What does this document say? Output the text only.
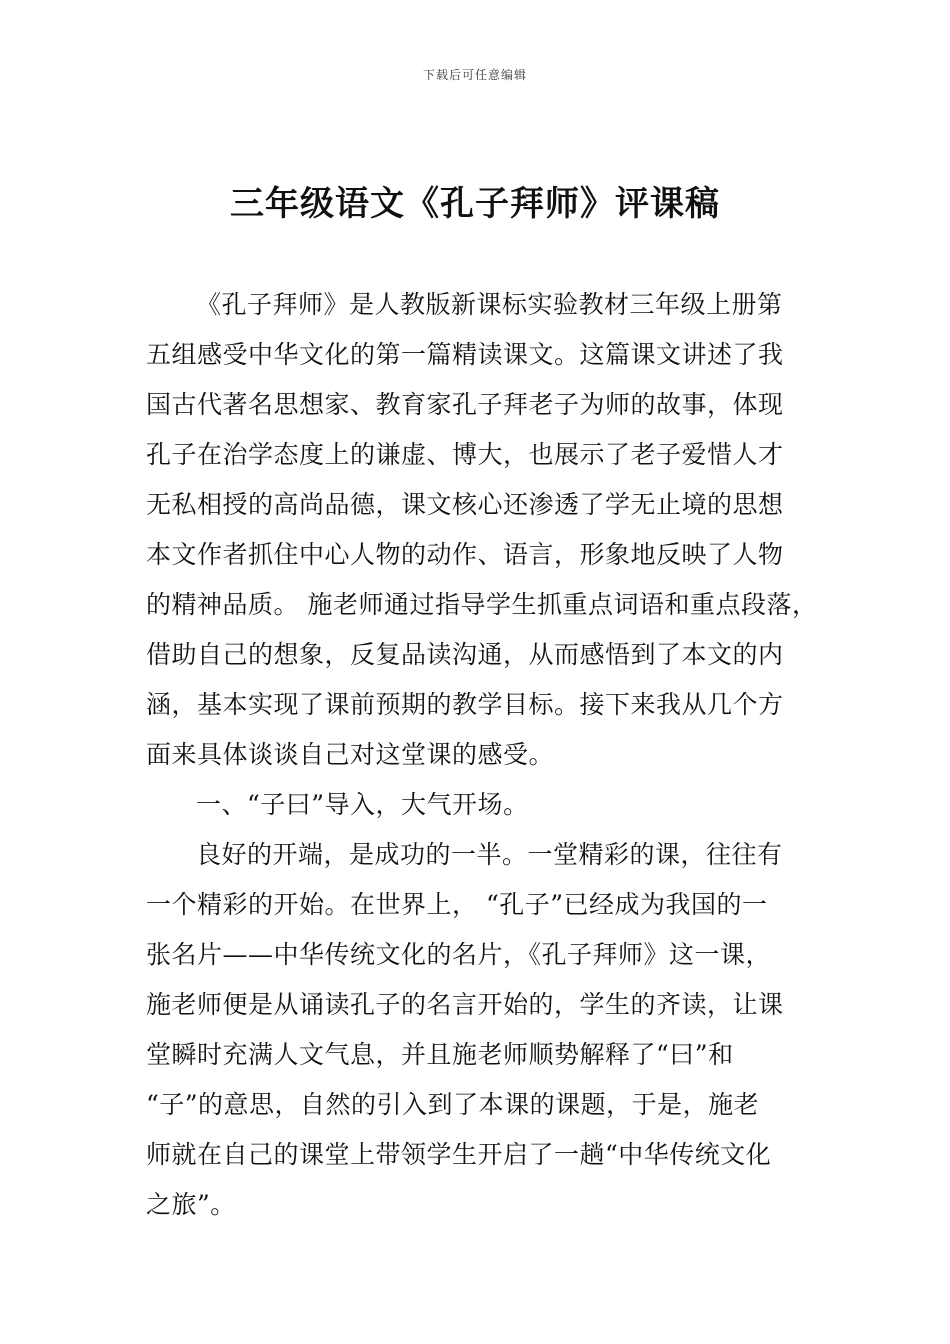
下载后可任意编辑
三年级语文《孔子拜师》评课稿
《孔子拜师》是人教版新课标实验教材三年级上册第
五组感受中华文化的第一篇精读课文。这篇课文讲述了我
国古代著名思想家、教育家孔子拜老子为师的故事，体现
孔子在治学态度上的谦虚、博大，也展示了老子爱惜人才
无私相授的高尚品德，课文核心还渗透了学无止境的思想
本文作者抓住中心人物的动作、语言，形象地反映了人物
的精神品质。 施老师通过指导学生抓重点词语和重点段落，
借助自己的想象，反复品读沟通，从而感悟到了本文的内
涵，基本实现了课前预期的教学目标。接下来我从几个方
面来具体谈谈自己对这堂课的感受。
一、“子曰”导入，大气开场。
良好的开端，是成功的一半。一堂精彩的课，往往有
一个精彩的开始。在世界上， “孔子”已经成为我国的一
张名片——中华传统文化的名片，《孔子拜师》这一课，
施老师便是从诵读孔子的名言开始的，学生的齐读，让课
堂瞬时充满人文气息，并且施老师顺势解释了“曰”和
“子”的意思，自然的引入到了本课的课题，于是，施老
师就在自己的课堂上带领学生开启了一趟“中华传统文化
之旅”。
